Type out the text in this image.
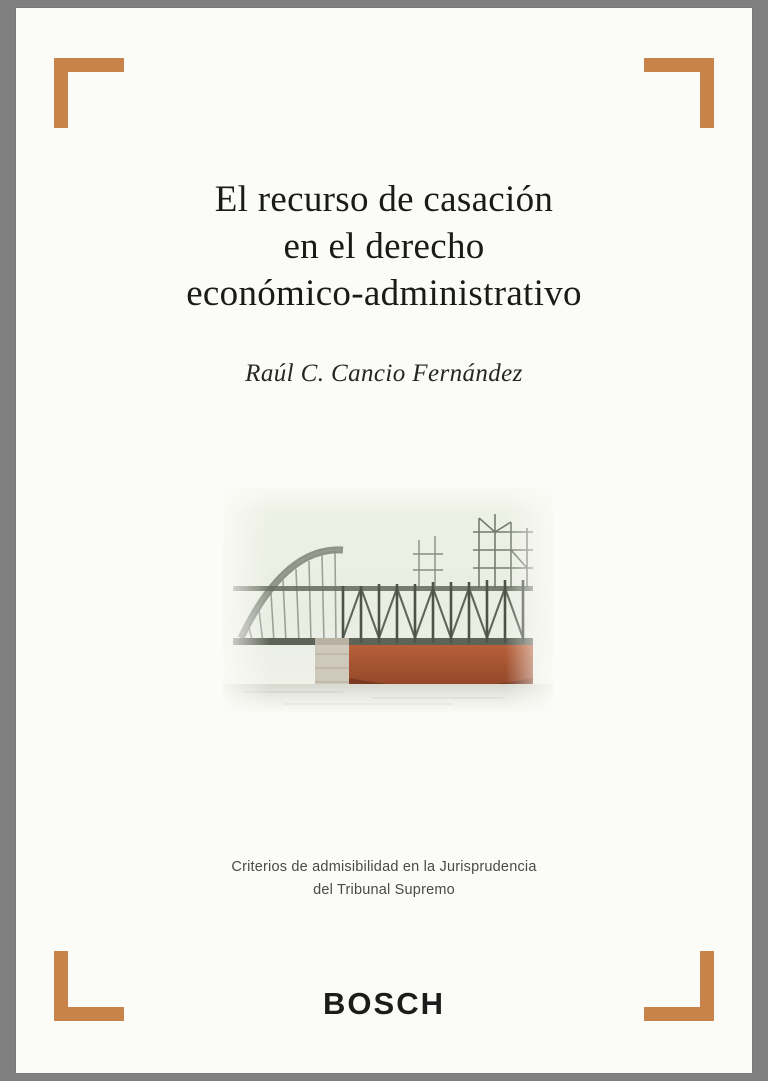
El recurso de casación
en el derecho
económico-administrativo
Raúl C. Cancio Fernández
Criterios de admisibilidad en la Jurisprudencia
del Tribunal Supremo
BOSCH
